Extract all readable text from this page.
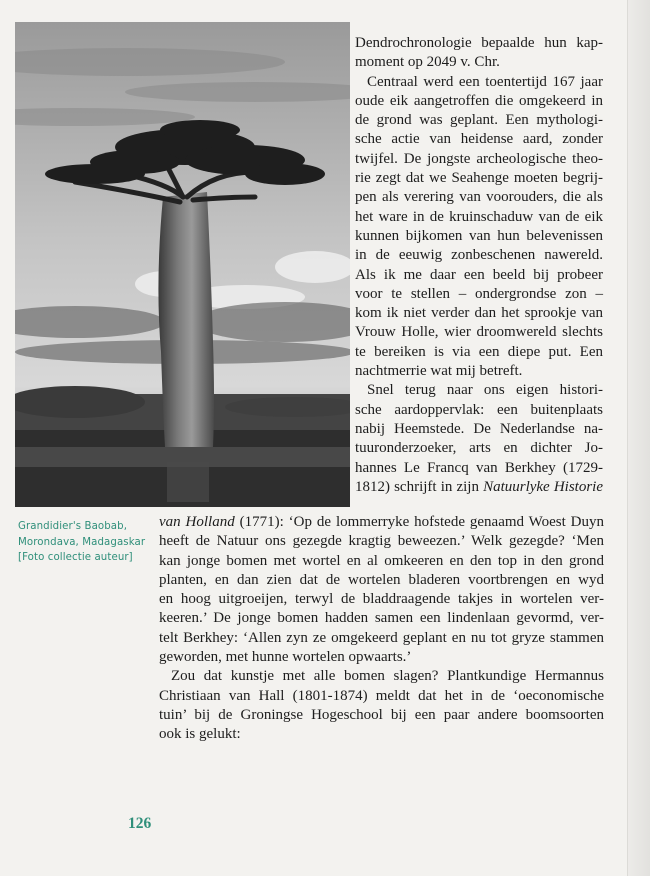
Grandidier's Baobab,
Morondava, Madagaskar
[Foto collectie auteur]
Dendrochronologie bepaalde hun kap-
moment op 2049 v. Chr.
Centraal werd een toentertijd 167 jaar
oude eik aangetroffen die omgekeerd in
de grond was geplant. Een mythologi-
sche actie van heidense aard, zonder
twijfel. De jongste archeologische theo-
rie zegt dat we Seahenge moeten begrij-
pen als verering van voorouders, die als
het ware in de kruinschaduw van de eik
kunnen bijkomen van hun belevenissen
in de eeuwig zonbeschenen nawereld.
Als ik me daar een beeld bij probeer
voor te stellen – ondergrondse zon –
kom ik niet verder dan het sprookje van
Vrouw Holle, wier droomwereld slechts
te bereiken is via een diepe put. Een
nachtmerrie wat mij betreft.
Snel terug naar ons eigen histori-
sche aardoppervlak: een buitenplaats
nabij Heemstede. De Nederlandse na-
tuuronderzoeker, arts en dichter Jo-
hannes Le Francq van Berkhey (1729-
1812) schrijft in zijn Natuurlyke Historie
van Holland (1771): ‘Op de lommerryke hofstede genaamd Woest Duyn
heeft de Natuur ons gezegde kragtig beweezen.’ Welk gezegde? ‘Men
kan jonge bomen met wortel en al omkeeren en den top in den grond
planten, en dan zien dat de wortelen bladeren voortbrengen en wyd
en hoog uitgroeijen, terwyl de bladdraagende takjes in wortelen ver-
keeren.’ De jonge bomen hadden samen een lindenlaan gevormd, ver-
telt Berkhey: ‘Allen zyn ze omgekeerd geplant en nu tot gryze stammen
geworden, met hunne wortelen opwaarts.’
Zou dat kunstje met alle bomen slagen? Plantkundige Hermannus
Christiaan van Hall (1801-1874) meldt dat het in de ‘oeconomische
tuin’ bij de Groningse Hogeschool bij een paar andere boomsoorten
ook is gelukt:
126
